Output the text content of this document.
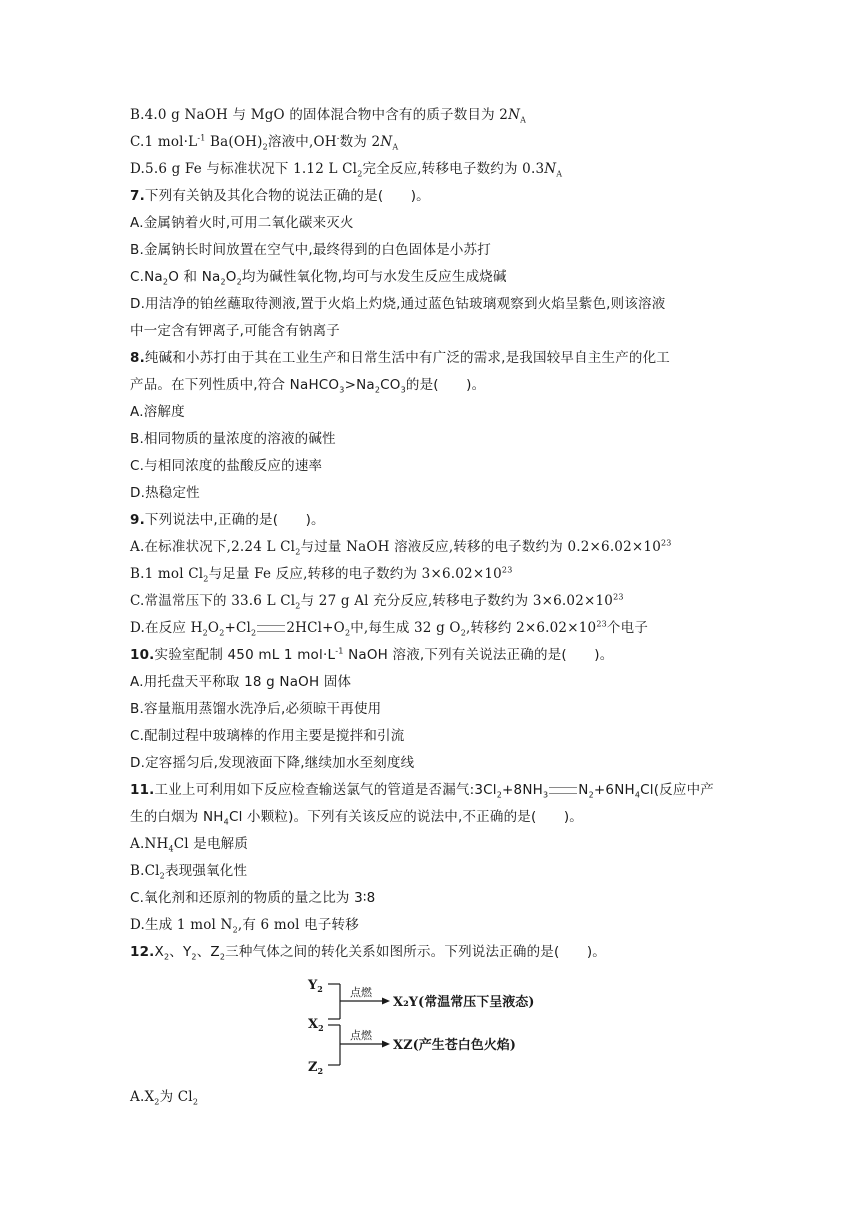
B.4.0 g NaOH 与 MgO 的固体混合物中含有的质子数目为 $2N_A$
C.1 $mol\cdot L^{-1}$ $Ba(OH)_2$溶液中,OH-数为 $2N_A$
D.5.6 g Fe 与标准状况下 1.12 L $Cl_2$完全反应,转移电子数约为 $0.3N_A$
7.下列有关钠及其化合物的说法正确的是(　　)。
A.金属钠着火时,可用二氧化碳来灭火
B.金属钠长时间放置在空气中,最终得到的白色固体是小苏打
$C.Na_2O$ 和 $Na_2O_2$均为碱性氧化物,均可与水发生反应生成烧碱
D.用洁净的铂丝蘸取待测液,置于火焰上灼烧,通过蓝色钴玻璃观察到火焰呈紫色,则该溶液
中一定含有钾离子,可能含有钠离子
8.纯碱和小苏打由于其在工业生产和日常生活中有广泛的需求,是我国较早自主生产的化工
产品。在下列性质中,符合 $NaHCO_3>Na_2CO_3$的是(　　)。
A.溶解度
B.相同物质的量浓度的溶液的碱性
C.与相同浓度的盐酸反应的速率
D.热稳定性
9.下列说法中,正确的是(　　)。
A.在标准状况下,2.24 L $Cl_2$与过量 NaOH 溶液反应,转移的电子数约为 $0.2\times 6.02\times 10^{23}$
B.1 mol $Cl_2$与足量 Fe 反应,转移的电子数约为 $3\times 6.02\times 10^{23}$
C.常温常压下的 33.6 L $Cl_2$与 27 g Al 充分反应,转移电子数约为 $3\times 6.02\times 10^{23}$
D.在反应 $H_2O_2+Cl_2$ $2HCl+O_2$中,每生成 32 g $O_2$,转移约 $2\times 6.02\times 10^{23}$个电子
10.实验室配制 450 mL 1 $mol\cdot L^{-1}$ NaOH 溶液,下列有关说法正确的是(　　)。
A.用托盘天平称取 18 g NaOH 固体
B.容量瓶用蒸馏水洗净后,必须晾干再使用
C.配制过程中玻璃棒的作用主要是搅拌和引流
D.定容摇匀后,发现液面下降,继续加水至刻度线
11.工业上可利用如下反应检查输送氯气的管道是否漏气$:3Cl_2+8NH_3$ $N_2+6NH_4Cl$(反应中产
生的白烟为 $NH_4Cl$ 小颗粒)。下列有关该反应的说法中,不正确的是(　　)。
$A.NH_4Cl$ 是电解质
$B.Cl_2$表现强氧化性
C.氧化剂和还原剂的物质的量之比为 3∶8
D.生成 1 mol $N_2$,有 6 mol 电子转移
$12.X_2$、$Y_2$、$Z_2$三种气体之间的转化关系如图所示。下列说法正确的是(　　)。
$Y_2$
$X_2$
$Z_2$
点燃
X₂Y(常温常压下呈液态)
点燃
XZ(产生苍白色火焰)
$A.X_2$为 $Cl_2$
